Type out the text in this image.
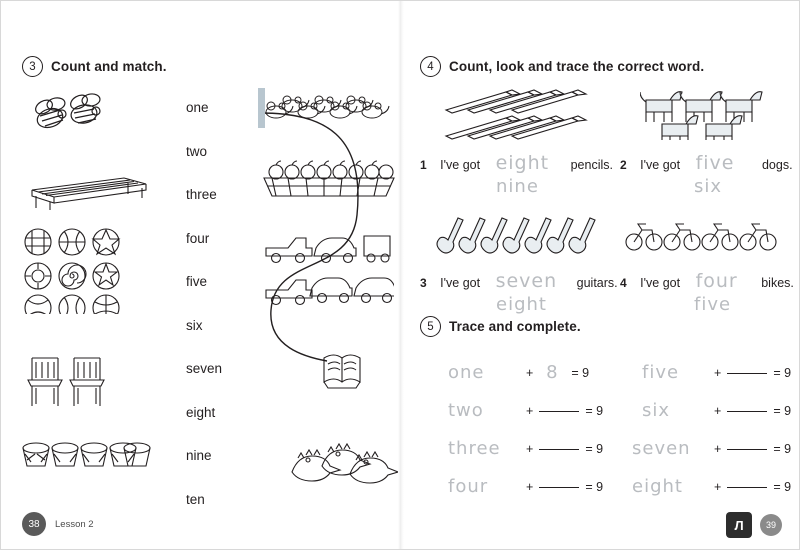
3	Count and match.
one
two
three
four
five
six
seven
eight
nine
ten
38	Lesson 2
4	Count, look and trace the correct word.
1 I've got eight pencils.
nine
2 I've got five dogs.
six
3 I've got seven guitars.
eight
4 I've got four bikes.
five
5	Trace and complete.
one	+ 8	= 9
two	+	= 9
three	+	= 9
four	+	= 9
five	+	= 9
six	+	= 9
seven	+	= 9
eight	+	= 9
Л	39
